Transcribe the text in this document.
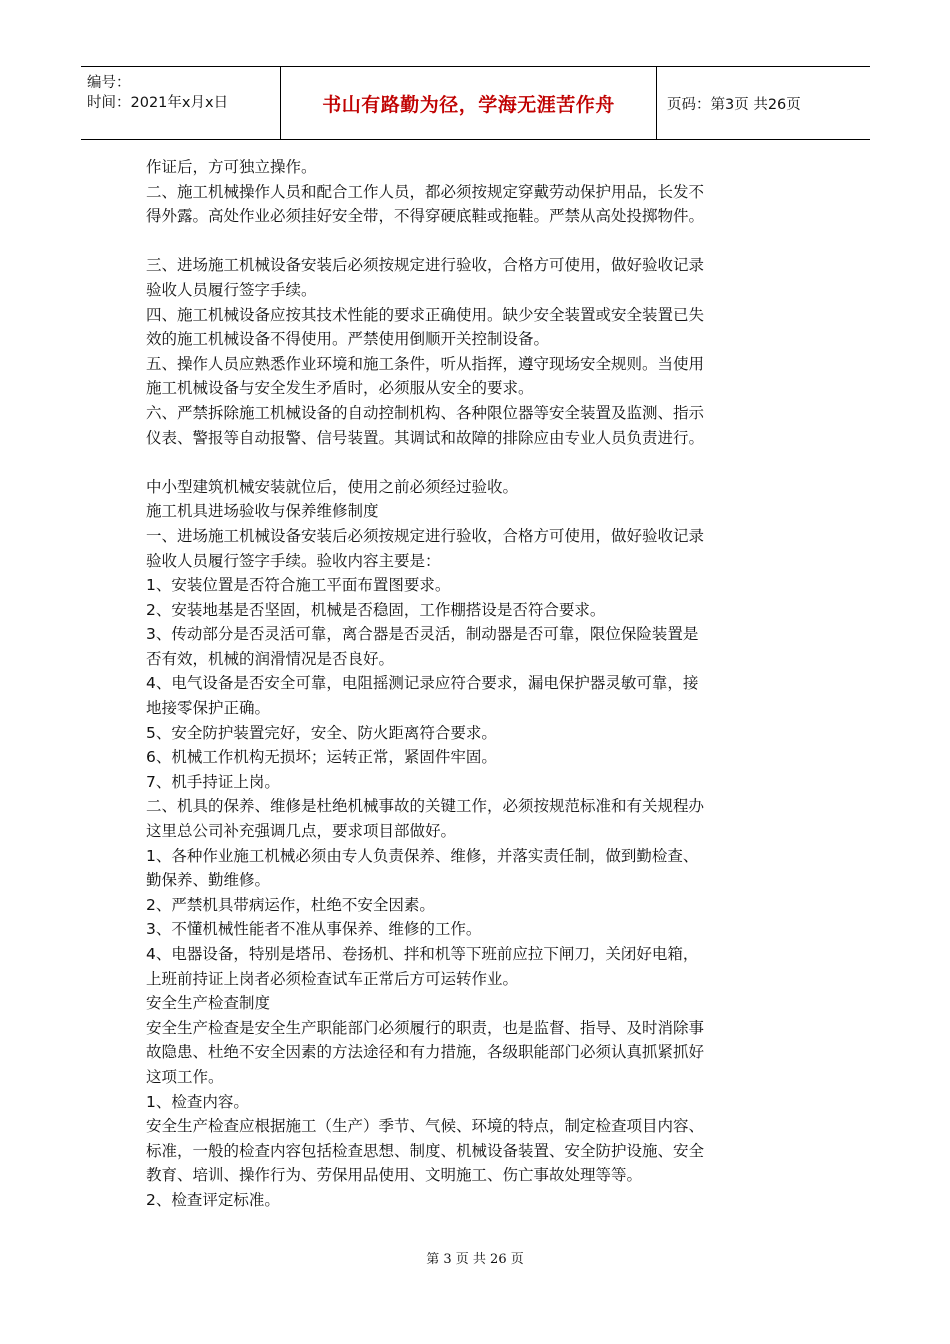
编号：
时间：2021年x月x日	书山有路勤为径，学海无涯苦作舟	页码：第3页 共26页

作证后，方可独立操作。

二、施工机械操作人员和配合工作人员，都必须按规定穿戴劳动保护用品，长发不

得外露。高处作业必须挂好安全带，不得穿硬底鞋或拖鞋。严禁从高处投掷物件。

三、进场施工机械设备安装后必须按规定进行验收，合格方可使用，做好验收记录

验收人员履行签字手续。

四、施工机械设备应按其技术性能的要求正确使用。缺少安全装置或安全装置已失

效的施工机械设备不得使用。严禁使用倒顺开关控制设备。

五、操作人员应熟悉作业环境和施工条件，听从指挥，遵守现场安全规则。当使用

施工机械设备与安全发生矛盾时，必须服从安全的要求。

六、严禁拆除施工机械设备的自动控制机构、各种限位器等安全装置及监测、指示

仪表、警报等自动报警、信号装置。其调试和故障的排除应由专业人员负责进行。

中小型建筑机械安装就位后，使用之前必须经过验收。

施工机具进场验收与保养维修制度

一、进场施工机械设备安装后必须按规定进行验收，合格方可使用，做好验收记录

验收人员履行签字手续。验收内容主要是：

1、安装位置是否符合施工平面布置图要求。

2、安装地基是否坚固，机械是否稳固，工作棚搭设是否符合要求。

3、传动部分是否灵活可靠，离合器是否灵活，制动器是否可靠，限位保险装置是

否有效，机械的润滑情况是否良好。

4、电气设备是否安全可靠，电阻摇测记录应符合要求，漏电保护器灵敏可靠，接

地接零保护正确。

5、安全防护装置完好，安全、防火距离符合要求。

6、机械工作机构无损坏；运转正常，紧固件牢固。

7、机手持证上岗。

二、机具的保养、维修是杜绝机械事故的关键工作，必须按规范标准和有关规程办

这里总公司补充强调几点，要求项目部做好。

1、各种作业施工机械必须由专人负责保养、维修，并落实责任制，做到勤检查、

勤保养、勤维修。

2、严禁机具带病运作，杜绝不安全因素。

3、不懂机械性能者不准从事保养、维修的工作。

4、电器设备，特别是塔吊、卷扬机、拌和机等下班前应拉下闸刀，关闭好电箱，

上班前持证上岗者必须检查试车正常后方可运转作业。

安全生产检查制度

安全生产检查是安全生产职能部门必须履行的职责，也是监督、指导、及时消除事

故隐患、杜绝不安全因素的方法途径和有力措施，各级职能部门必须认真抓紧抓好

这项工作。

1、检查内容。

安全生产检查应根据施工（生产）季节、气候、环境的特点，制定检查项目内容、

标准，一般的检查内容包括检查思想、制度、机械设备装置、安全防护设施、安全

教育、培训、操作行为、劳保用品使用、文明施工、伤亡事故处理等等。

2、检查评定标准。

第 3 页 共 26 页
